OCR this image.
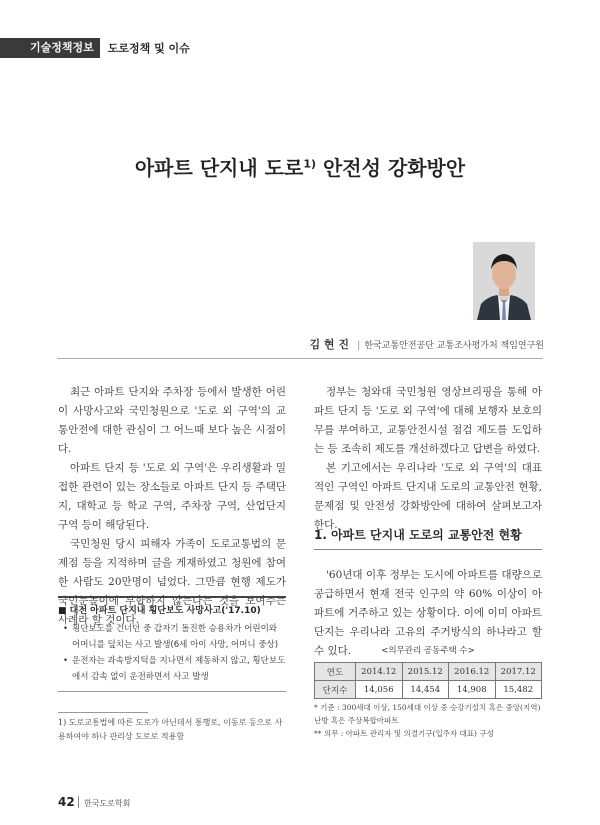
기술정책정보	도로정책 및 이슈
아파트 단지내 도로$^{1)}$ 안전성 강화방안
김 현 진 | 한국교통안전공단 교통조사평가처 책임연구원

최근 아파트 단지와 주차장 등에서 발생한 어린이 사망사고와 국민청원으로 '도로 외 구역'의 교통안전에 대한 관심이 그 어느때 보다 높은 시점이다.

아파트 단지 등 '도로 외 구역'은 우리생활과 밀접한 관련이 있는 장소들로 아파트 단지 등 주택단지, 대학교 등 학교 구역, 주차장 구역, 산업단지 구역 등이 해당된다.

국민청원 당시 피해자 가족이 도로교통법의 문제점 등을 지적하며 글을 게재하였고 청원에 참여한 사람도 20만명이 넘었다. 그만큼 현행 제도가 국민눈높이에 부합하지 않는다는 것을 보여주는 사례라 할 것이다.

■ 대전 아파트 단지내 횡단보도 사망사고('17.10)
• 횡단보도를 건너던 중 갑자기 돌진한 승용차가 어린이와 어머니를 덮치는 사고 발생(6세 아이 사망, 어머니 중상)
• 운전자는 과속방지턱을 지나면서 제동하지 않고, 횡단보도에서 감속 없이 운전하면서 사고 발생
1) 도로교통법에 따른 도로가 아닌데서 통행로, 이동로 등으로 사용하여야 하나 관리상 도로로 적용함

정부는 청와대 국민청원 영상브리핑을 통해 아파트 단지 등 '도로 외 구역'에 대해 보행자 보호의무를 부여하고, 교통안전시설 점검 제도를 도입하는 등 조속히 제도를 개선하겠다고 답변을 하였다.

본 기고에서는 우리나라 '도로 외 구역'의 대표적인 구역인 아파트 단지내 도로의 교통안전 현황, 문제점 및 안전성 강화방안에 대하여 살펴보고자 한다.

1. 아파트 단지내 도로의 교통안전 현황

'60년대 이후 정부는 도시에 아파트를 대량으로 공급하면서 현재 전국 인구의 약 60% 이상이 아파트에 거주하고 있는 상황이다. 이에 이미 아파트 단지는 우리나라 고유의 주거방식의 하나라고 할 수 있다.	<의무관리 공동주택 수>
연도	2014.12	2015.12	2016.12	2017.12
단지수	14,056	14,454	14,908	15,482

* 기준 : 300세대 이상, 150세대 이상 중 승강기설치 혹은 중앙(지역)난방 혹은 주상복합아파트

** 의무 : 아파트 관리자 및 의결기구(입주자 대표) 구성

42 한국도로학회
